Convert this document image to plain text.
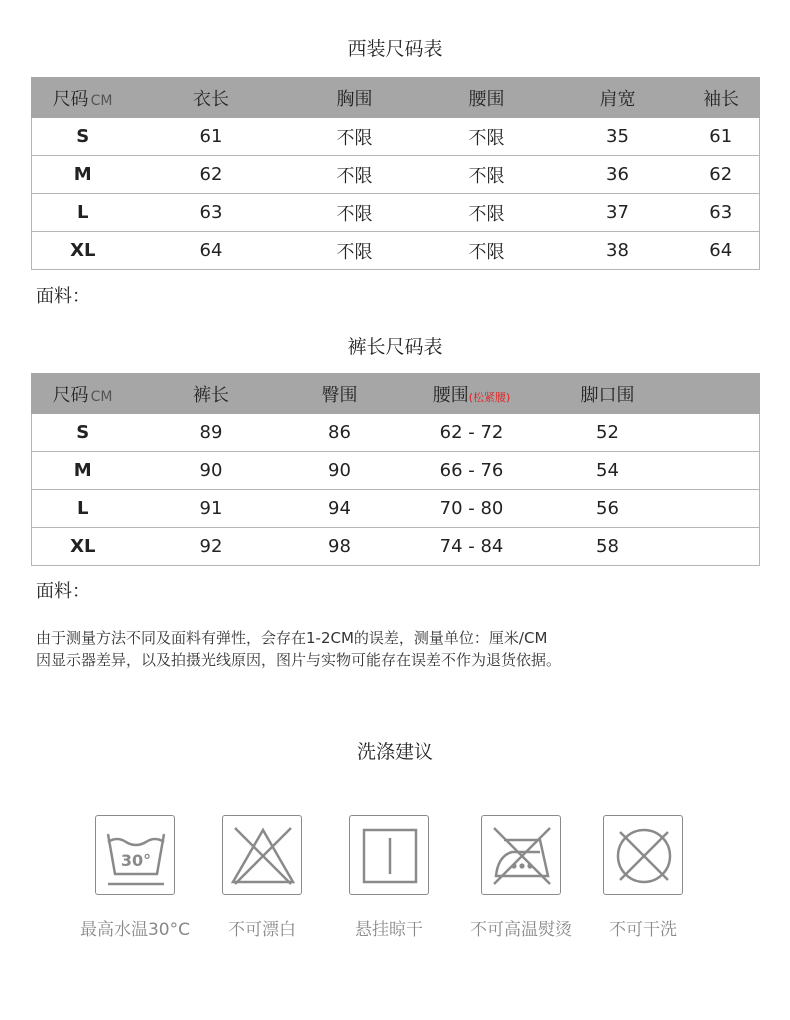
西装尺码表
尺码 CM	衣长	胸围	腰围	肩宽	袖长
S	61	不限	不限	35	61
M	62	不限	不限	36	62
L	63	不限	不限	37	63
XL	64	不限	不限	38	64
面料：
裤长尺码表
尺码 CM	裤长	臀围	腰围(松紧腰)	脚口围	
S	89	86	62 - 72	52	
M	90	90	66 - 76	54	
L	91	94	70 - 80	56	
XL	92	98	74 - 84	58	
面料：
由于测量方法不同及面料有弹性，会存在1-2CM的误差，测量单位：厘米/CM
因显示器差异，以及拍摄光线原因，图片与实物可能存在误差不作为退货依据。
洗涤建议
30°
最高水温30°C	不可漂白	悬挂晾干	不可高温熨烫	不可干洗
